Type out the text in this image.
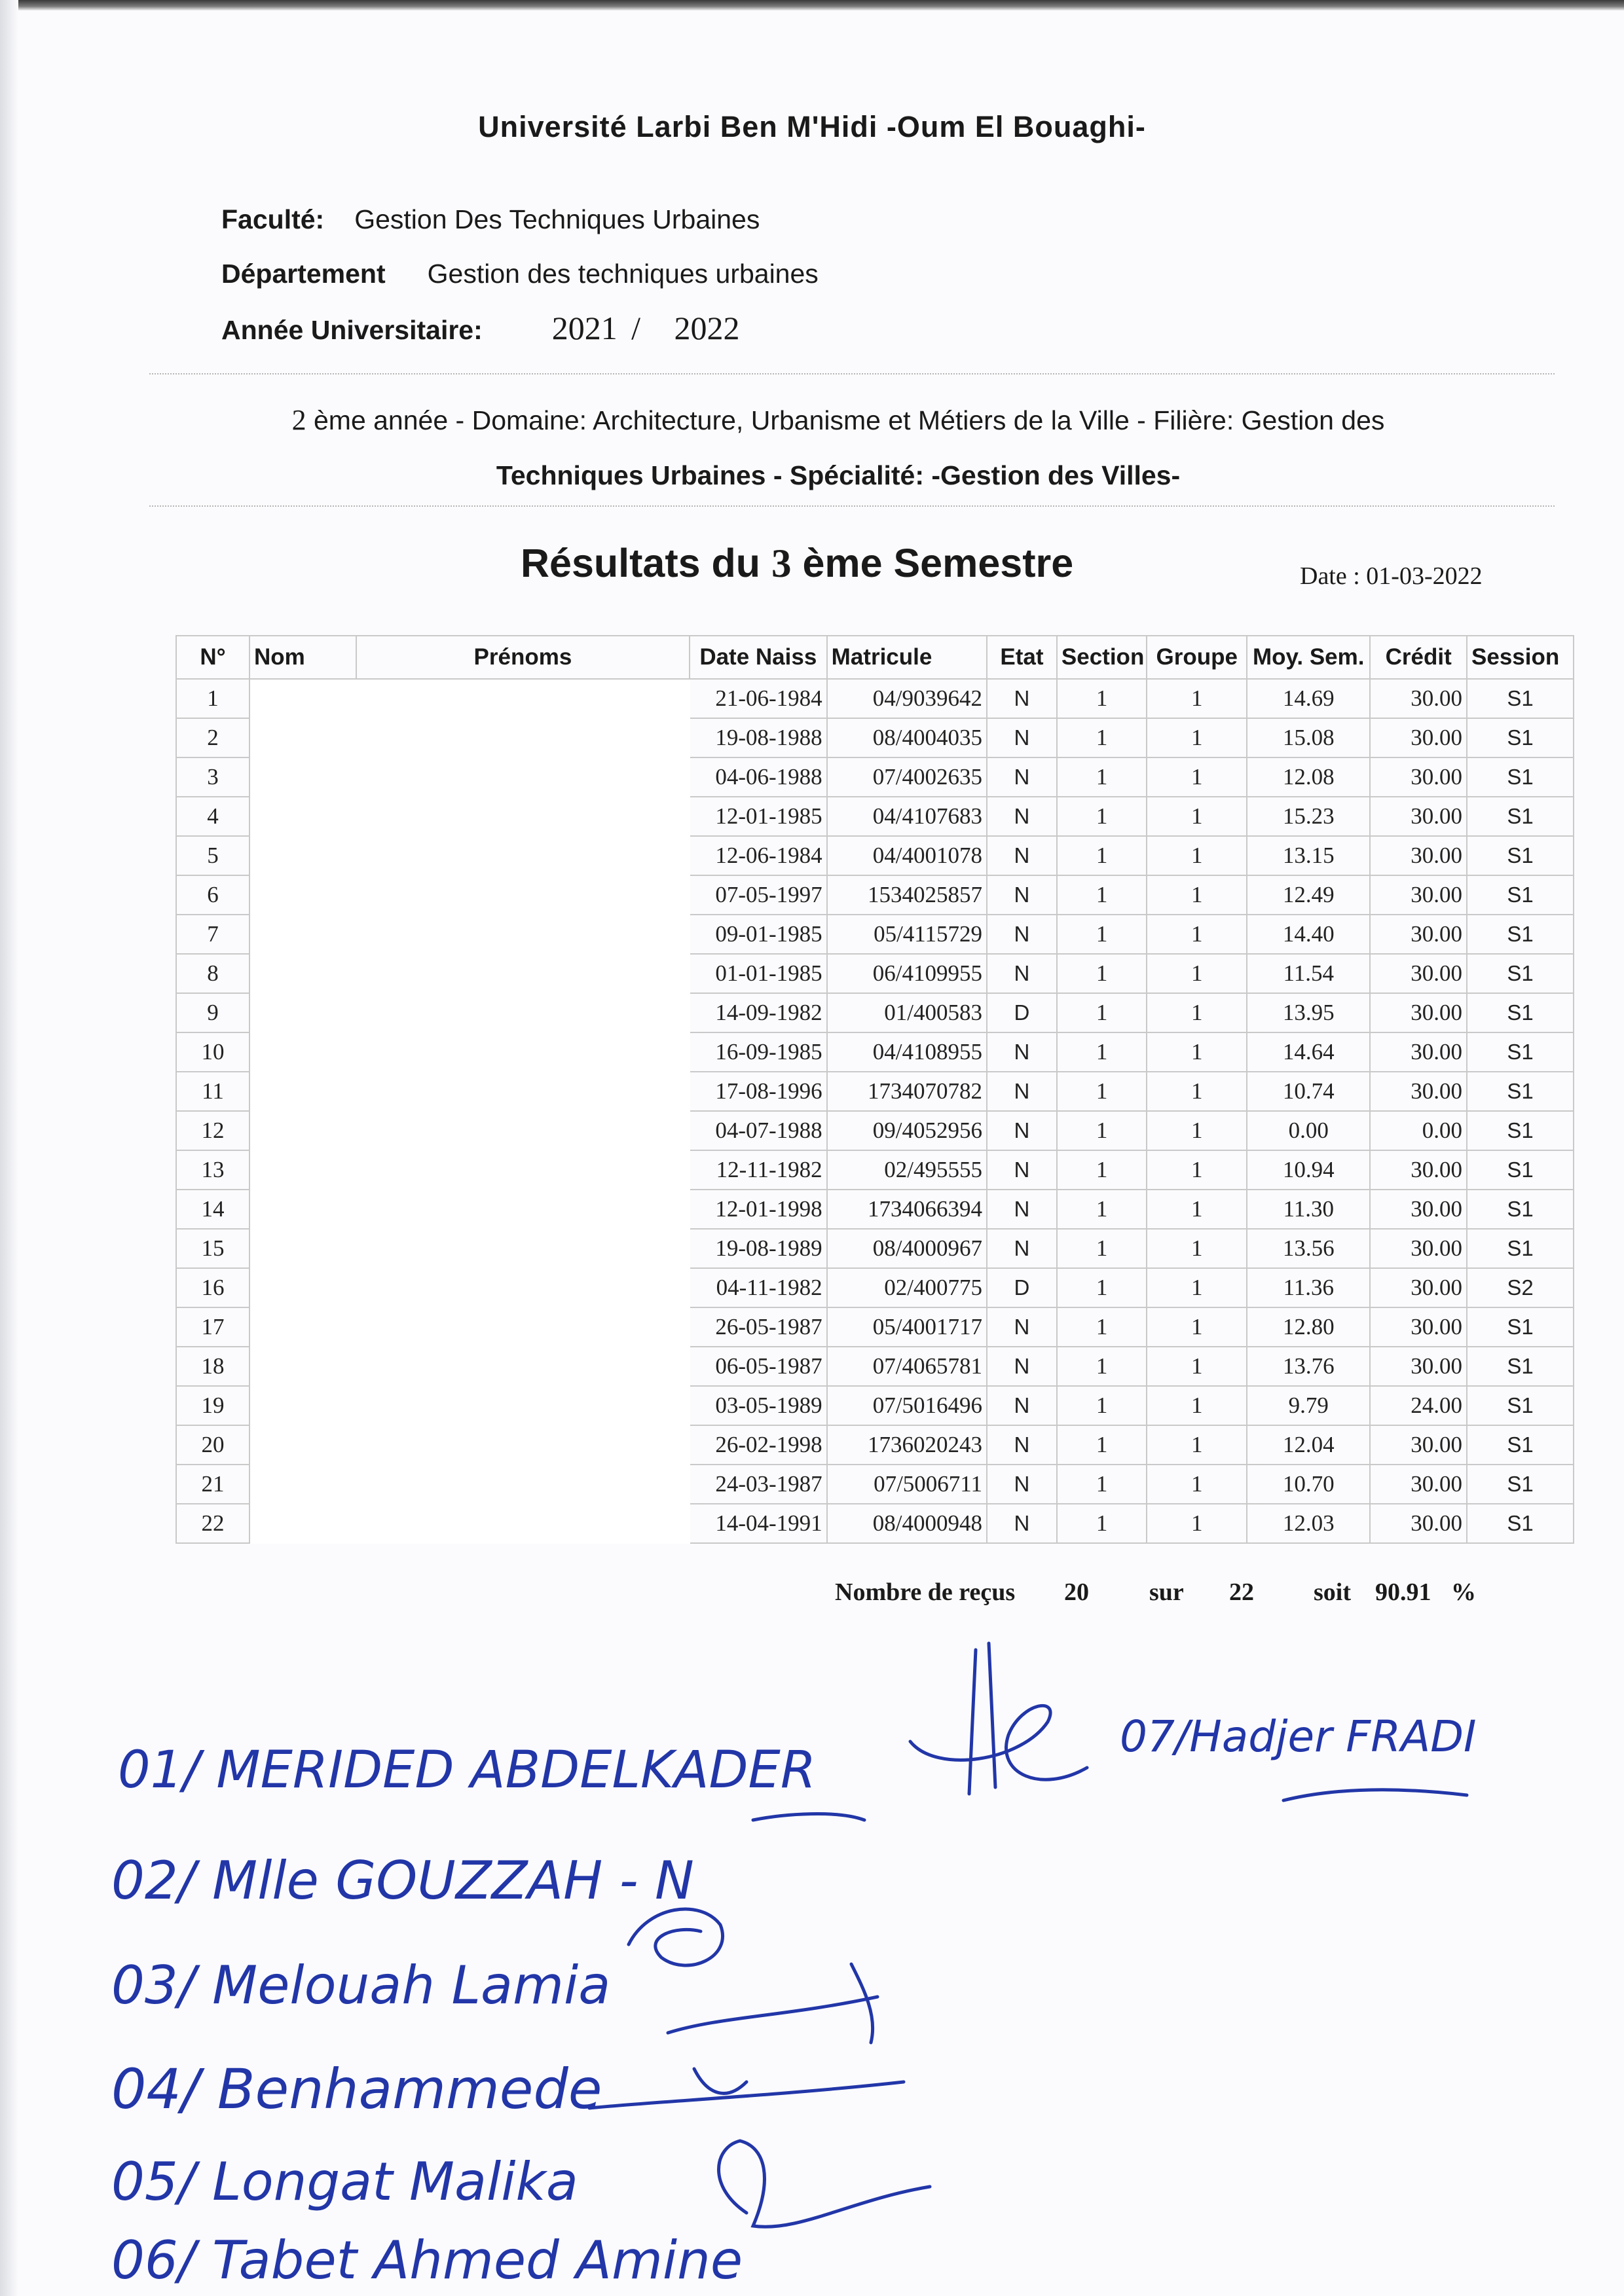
Université Larbi Ben M'Hidi -Oum El Bouaghi-
Faculté: Gestion Des Techniques Urbaines
Département Gestion des techniques urbaines
Année Universitaire: 2021 / 2022
2 ème année - Domaine: Architecture, Urbanisme et Métiers de la Ville - Filière: Gestion des
Techniques Urbaines - Spécialité: -Gestion des Villes-
Résultats du 3 ème Semestre	Date : 01-03-2022
N°	Nom	Prénoms	Date Naiss	Matricule	Etat	Section	Groupe	Moy. Sem.	Crédit	Session
1			21-06-1984	04/9039642	N	1	1	14.69	30.00	S1
2			19-08-1988	08/4004035	N	1	1	15.08	30.00	S1
3			04-06-1988	07/4002635	N	1	1	12.08	30.00	S1
4			12-01-1985	04/4107683	N	1	1	15.23	30.00	S1
5			12-06-1984	04/4001078	N	1	1	13.15	30.00	S1
6			07-05-1997	1534025857	N	1	1	12.49	30.00	S1
7			09-01-1985	05/4115729	N	1	1	14.40	30.00	S1
8			01-01-1985	06/4109955	N	1	1	11.54	30.00	S1
9			14-09-1982	01/400583	D	1	1	13.95	30.00	S1
10			16-09-1985	04/4108955	N	1	1	14.64	30.00	S1
11			17-08-1996	1734070782	N	1	1	10.74	30.00	S1
12			04-07-1988	09/4052956	N	1	1	0.00	0.00	S1
13			12-11-1982	02/495555	N	1	1	10.94	30.00	S1
14			12-01-1998	1734066394	N	1	1	11.30	30.00	S1
15			19-08-1989	08/4000967	N	1	1	13.56	30.00	S1
16			04-11-1982	02/400775	D	1	1	11.36	30.00	S2
17			26-05-1987	05/4001717	N	1	1	12.80	30.00	S1
18			06-05-1987	07/4065781	N	1	1	13.76	30.00	S1
19			03-05-1989	07/5016496	N	1	1	9.79	24.00	S1
20			26-02-1998	1736020243	N	1	1	12.04	30.00	S1
21			24-03-1987	07/5006711	N	1	1	10.70	30.00	S1
22			14-04-1991	08/4000948	N	1	1	12.03	30.00	S1
Nombre de reçus 20 sur 22 soit 90.91 %
01/ MERIDED ABDELKADER
07/Hadjer FRADI
02/ Mlle GOUZZAH - N
03/ Melouah Lamia
04/ Benhammede
05/ Longat Malika
06/ Tabet Ahmed Amine
